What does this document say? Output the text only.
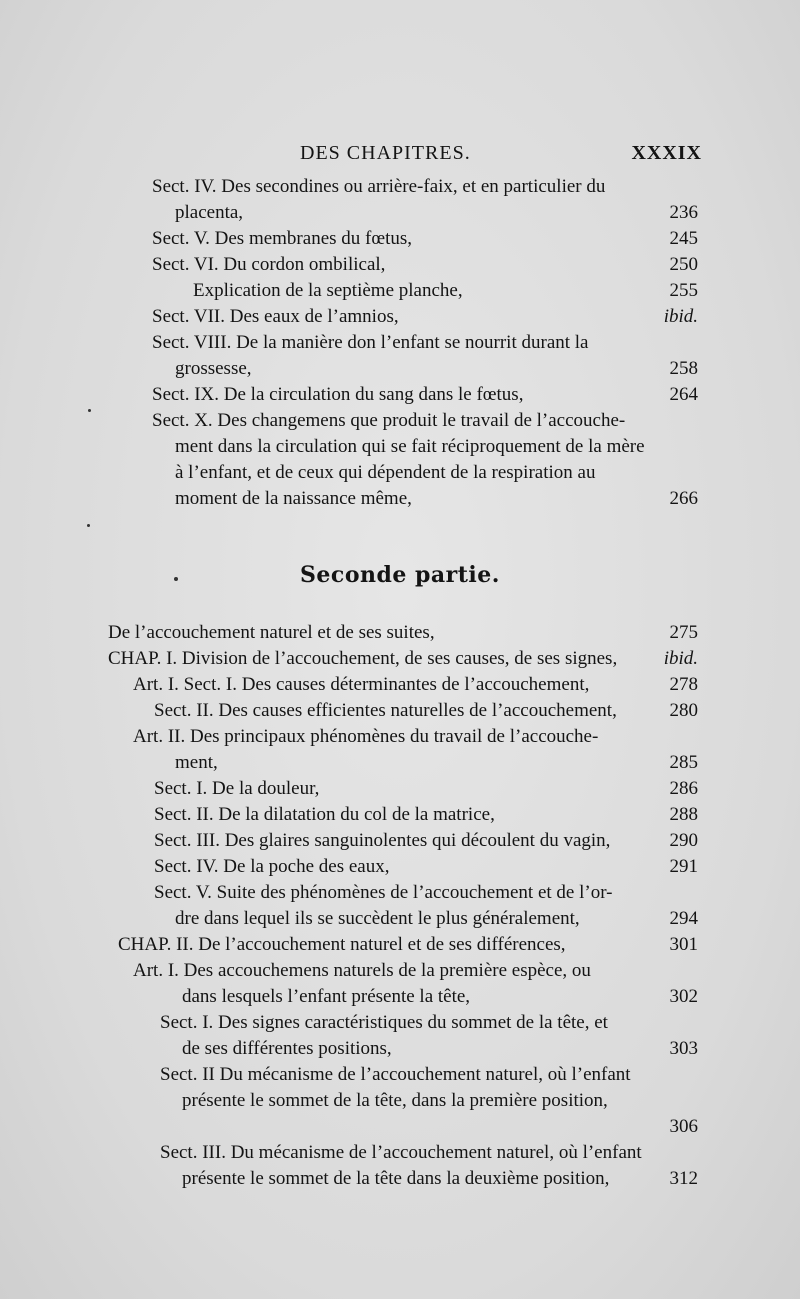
DES CHAPITRES.	XXXIX
Sect. IV. Des secondines ou arrière-faix, et en particulier du
placenta,	236
Sect. V. Des membranes du fœtus,	245
Sect. VI. Du cordon ombilical,	250
Explication de la septième planche,	255
Sect. VII. Des eaux de l’amnios,	ibid.
Sect. VIII. De la manière don l’enfant se nourrit durant la
grossesse,	258
Sect. IX. De la circulation du sang dans le fœtus,	264
Sect. X. Des changemens que produit le travail de l’accouche-
ment dans la circulation qui se fait réciproquement de la mère
à l’enfant, et de ceux qui dépendent de la respiration au
moment de la naissance même,	266
Seconde partie.
De l’accouchement naturel et de ses suites,	275
CHAP. I. Division de l’accouchement, de ses causes, de ses signes, ibid.
Art. I. Sect. I. Des causes déterminantes de l’accouchement,	278
Sect. II. Des causes efficientes naturelles de l’accouchement,	280
Art. II. Des principaux phénomènes du travail de l’accouche-
ment,	285
Sect. I. De la douleur,	286
Sect. II. De la dilatation du col de la matrice,	288
Sect. III. Des glaires sanguinolentes qui découlent du vagin,	290
Sect. IV. De la poche des eaux,	291
Sect. V. Suite des phénomènes de l’accouchement et de l’or-
dre dans lequel ils se succèdent le plus généralement,	294
CHAP. II. De l’accouchement naturel et de ses différences,	301
Art. I. Des accouchemens naturels de la première espèce, ou
dans lesquels l’enfant présente la tête,	302
Sect. I. Des signes caractéristiques du sommet de la tête, et
de ses différentes positions,	303
Sect. II Du mécanisme de l’accouchement naturel, où l’enfant
présente le sommet de la tête, dans la première position,
306
Sect. III. Du mécanisme de l’accouchement naturel, où l’enfant
présente le sommet de la tête dans la deuxième position,	312
